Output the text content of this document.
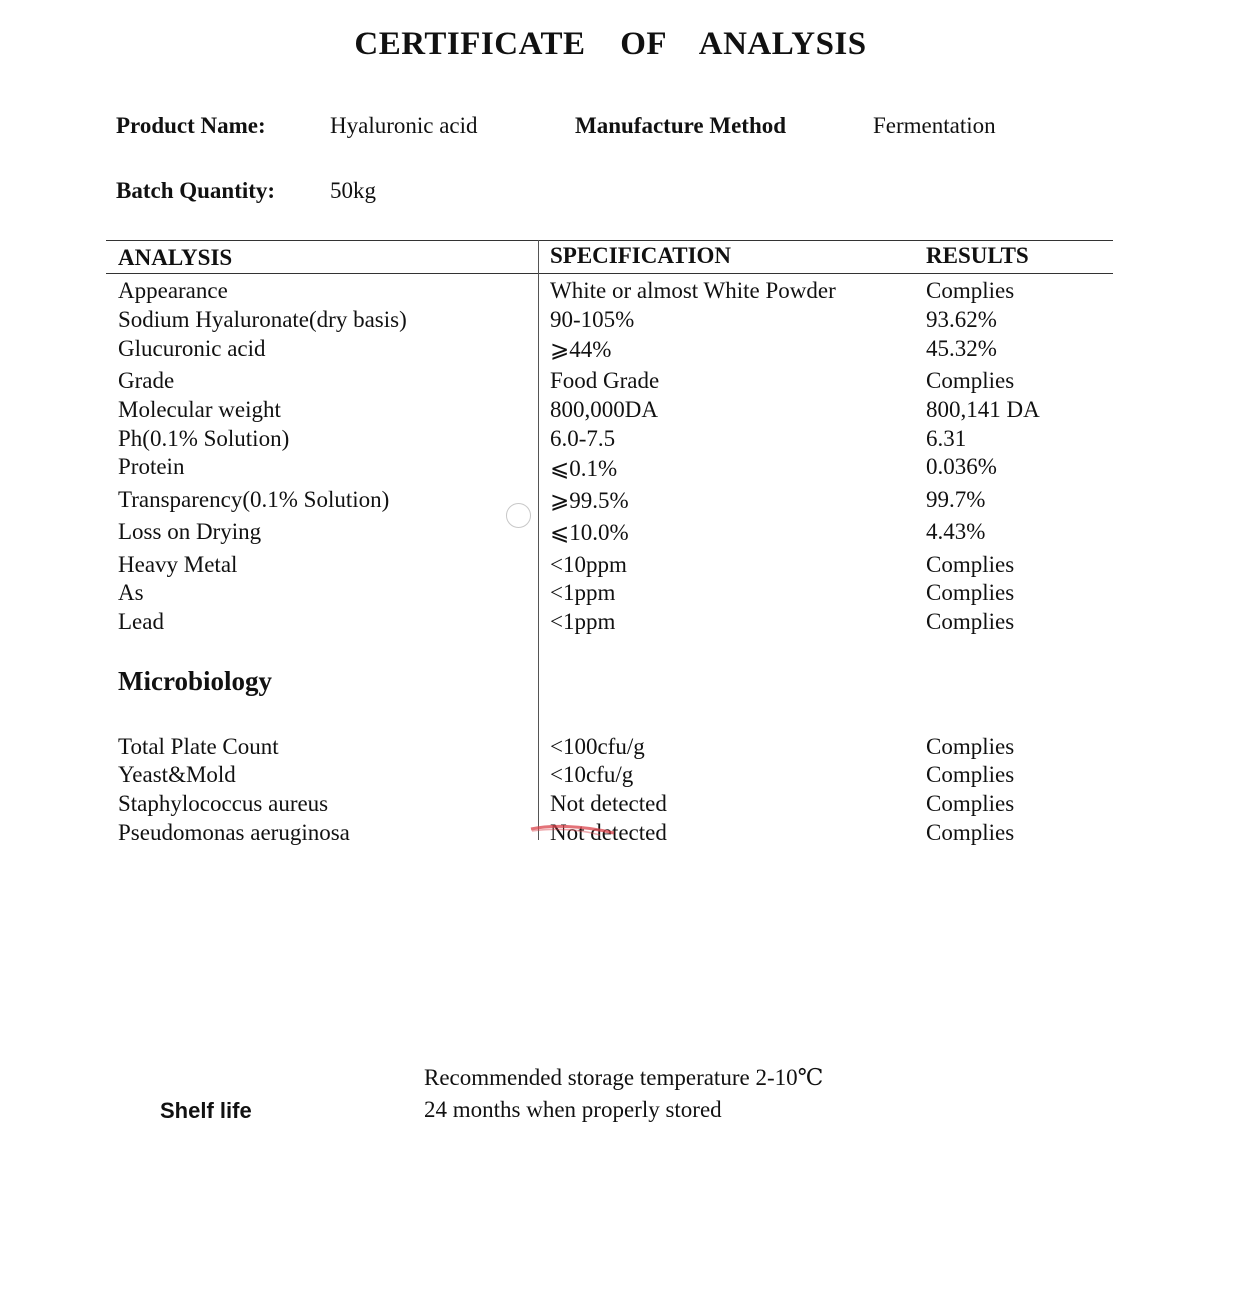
CERTIFICATE OF ANALYSIS
Product Name:	Hyaluronic acid	Manufacture Method	Fermentation
Batch Quantity: 50kg
ANALYSIS	SPECIFICATION	RESULTS
Appearance	White or almost White Powder	Complies
Sodium Hyaluronate(dry basis)	90-105%	93.62%
Glucuronic acid	⩾44%	45.32%
Grade	Food Grade	Complies
Molecular weight	800,000DA	800,141 DA
Ph(0.1% Solution)	6.0-7.5	6.31
Protein	⩽0.1%	0.036%
Transparency(0.1% Solution)	⩾99.5%	99.7%
Loss on Drying	⩽10.0%	4.43%
Heavy Metal	<10ppm	Complies
As	<1ppm	Complies
Lead	<1ppm	Complies
Microbiology
Total Plate Count	<100cfu/g	Complies
Yeast&Mold	<10cfu/g	Complies
Staphylococcus aureus	Not detected	Complies
Pseudomonas aeruginosa	Not detected	Complies
Recommended storage temperature 2-10℃
Shelf life	24 months when properly stored
